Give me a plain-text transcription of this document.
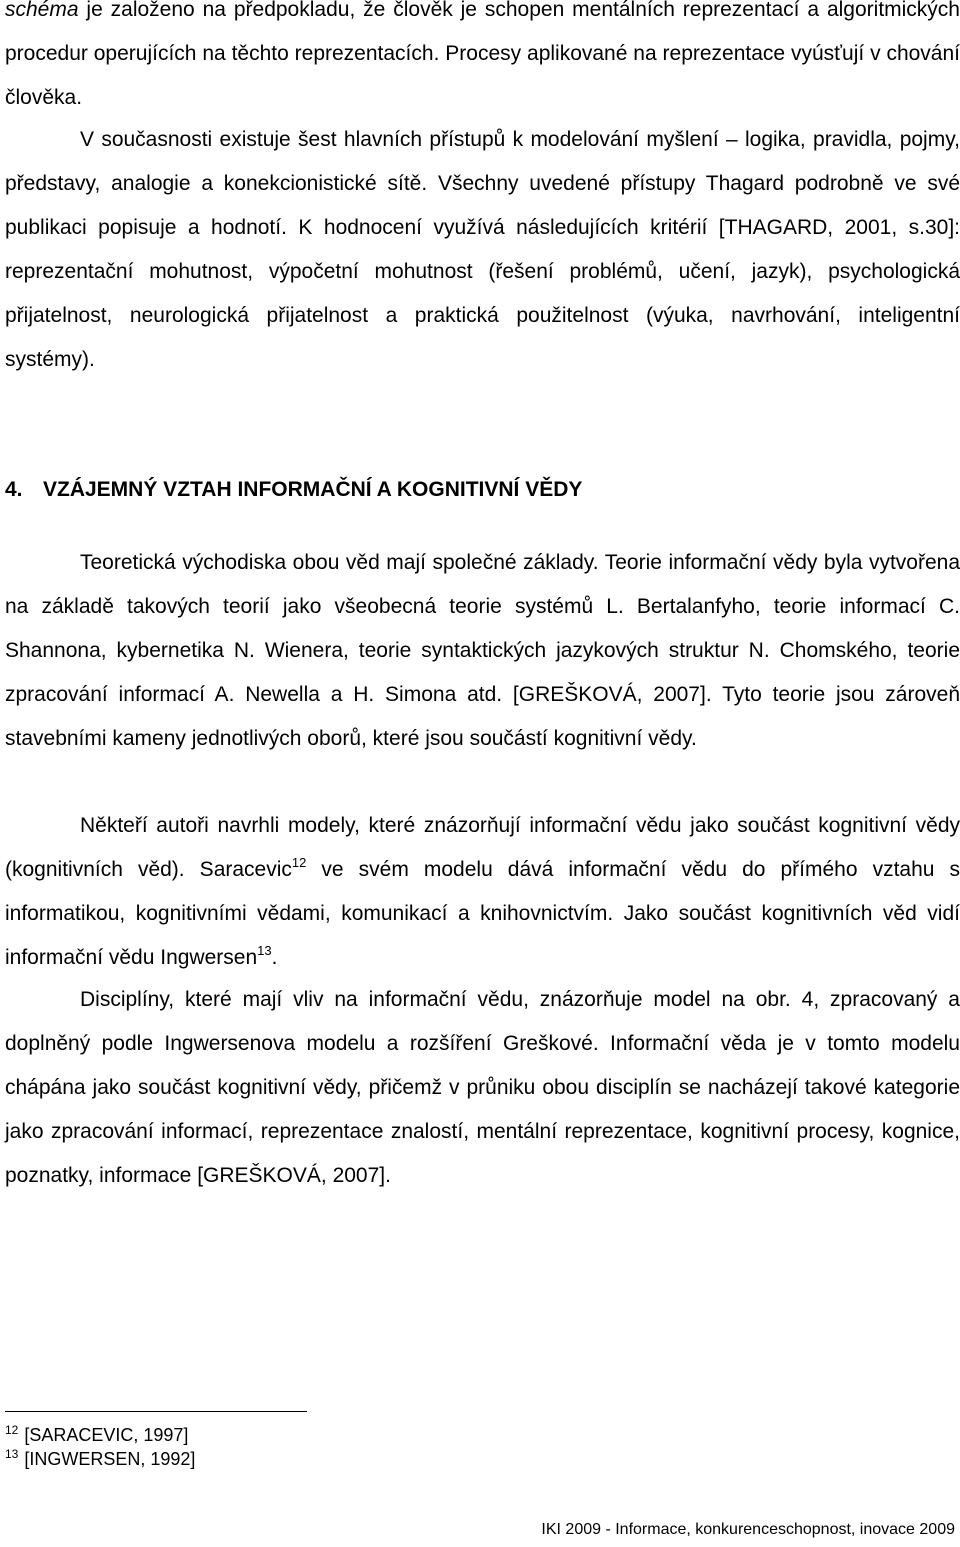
schéma je založeno na předpokladu, že člověk je schopen mentálních reprezentací a algoritmických procedur operujících na těchto reprezentacích. Procesy aplikované na reprezentace vyúsťují v chování člověka.

V současnosti existuje šest hlavních přístupů k modelování myšlení – logika, pravidla, pojmy, představy, analogie a konekcionistické sítě. Všechny uvedené přístupy Thagard podrobně ve své publikaci popisuje a hodnotí. K hodnocení využívá následujících kritérií [THAGARD, 2001, s.30]: reprezentační mohutnost, výpočetní mohutnost (řešení problémů, učení, jazyk), psychologická přijatelnost, neurologická přijatelnost a praktická použitelnost (výuka, navrhování, inteligentní systémy).

4. VZÁJEMNÝ VZTAH INFORMAČNÍ A KOGNITIVNÍ VĚDY

Teoretická východiska obou věd mají společné základy. Teorie informační vědy byla vytvořena na základě takových teorií jako všeobecná teorie systémů L. Bertalanfyho, teorie informací C. Shannona, kybernetika N. Wienera, teorie syntaktických jazykových struktur N. Chomského, teorie zpracování informací A. Newella a H. Simona atd. [GREŠKOVÁ, 2007]. Tyto teorie jsou zároveň stavebními kameny jednotlivých oborů, které jsou součástí kognitivní vědy.

Někteří autoři navrhli modely, které znázorňují informační vědu jako součást kognitivní vědy (kognitivních věd). Saracevic$^{12}$ ve svém modelu dává informační vědu do přímého vztahu s informatikou, kognitivními vědami, komunikací a knihovnictvím. Jako součást kognitivních věd vidí informační vědu Ingwersen$^{13}$.

Disciplíny, které mají vliv na informační vědu, znázorňuje model na obr. 4, zpracovaný a doplněný podle Ingwersenova modelu a rozšíření Greškové. Informační věda je v tomto modelu chápána jako součást kognitivní vědy, přičemž v průniku obou disciplín se nacházejí takové kategorie jako zpracování informací, reprezentace znalostí, mentální reprezentace, kognitivní procesy, kognice, poznatky, informace [GREŠKOVÁ, 2007].

$^{12}$ [SARACEVIC, 1997]

$^{13}$ [INGWERSEN, 1992]

IKI 2009 - Informace, konkurenceschopnost, inovace 2009
